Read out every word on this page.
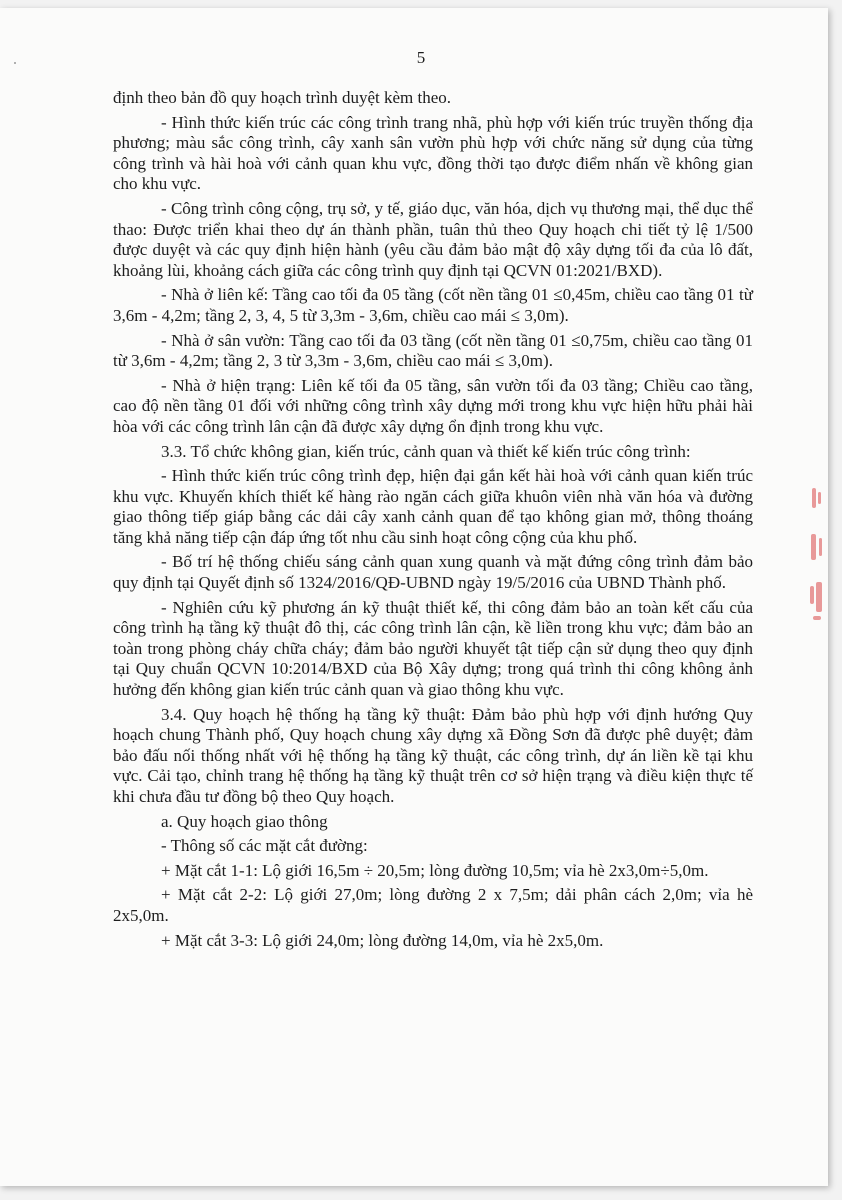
5

định theo bản đồ quy hoạch trình duyệt kèm theo.

- Hình thức kiến trúc các công trình trang nhã, phù hợp với kiến trúc truyền thống địa phương; màu sắc công trình, cây xanh sân vườn phù hợp với chức năng sử dụng của từng công trình và hài hoà với cảnh quan khu vực, đồng thời tạo được điểm nhấn về không gian cho khu vực.

- Công trình công cộng, trụ sở, y tế, giáo dục, văn hóa, dịch vụ thương mại, thể dục thể thao: Được triển khai theo dự án thành phần, tuân thủ theo Quy hoạch chi tiết tỷ lệ 1/500 được duyệt và các quy định hiện hành (yêu cầu đảm bảo mật độ xây dựng tối đa của lô đất, khoảng lùi, khoảng cách giữa các công trình quy định tại QCVN 01:2021/BXD).

- Nhà ở liên kế: Tầng cao tối đa 05 tầng (cốt nền tầng 01 ≤0,45m, chiều cao tầng 01 từ 3,6m - 4,2m; tầng 2, 3, 4, 5 từ 3,3m - 3,6m, chiều cao mái ≤ 3,0m).

- Nhà ở sân vườn: Tầng cao tối đa 03 tầng (cốt nền tầng 01 ≤0,75m, chiều cao tầng 01 từ 3,6m - 4,2m; tầng 2, 3 từ 3,3m - 3,6m, chiều cao mái ≤ 3,0m).

- Nhà ở hiện trạng: Liên kế tối đa 05 tầng, sân vườn tối đa 03 tầng; Chiều cao tầng, cao độ nền tầng 01 đối với những công trình xây dựng mới trong khu vực hiện hữu phải hài hòa với các công trình lân cận đã được xây dựng ổn định trong khu vực.

3.3. Tổ chức không gian, kiến trúc, cảnh quan và thiết kế kiến trúc công trình:

- Hình thức kiến trúc công trình đẹp, hiện đại gắn kết hài hoà với cảnh quan kiến trúc khu vực. Khuyến khích thiết kế hàng rào ngăn cách giữa khuôn viên nhà văn hóa và đường giao thông tiếp giáp bằng các dải cây xanh cảnh quan để tạo không gian mở, thông thoáng tăng khả năng tiếp cận đáp ứng tốt nhu cầu sinh hoạt công cộng của khu phố.

- Bố trí hệ thống chiếu sáng cảnh quan xung quanh và mặt đứng công trình đảm bảo quy định tại Quyết định số 1324/2016/QĐ-UBND ngày 19/5/2016 của UBND Thành phố.

- Nghiên cứu kỹ phương án kỹ thuật thiết kế, thi công đảm bảo an toàn kết cấu của công trình hạ tầng kỹ thuật đô thị, các công trình lân cận, kề liền trong khu vực; đảm bảo an toàn trong phòng cháy chữa cháy; đảm bảo người khuyết tật tiếp cận sử dụng theo quy định tại Quy chuẩn QCVN 10:2014/BXD của Bộ Xây dựng; trong quá trình thi công không ảnh hưởng đến không gian kiến trúc cảnh quan và giao thông khu vực.

3.4. Quy hoạch hệ thống hạ tầng kỹ thuật: Đảm bảo phù hợp với định hướng Quy hoạch chung Thành phố, Quy hoạch chung xây dựng xã Đồng Sơn đã được phê duyệt; đảm bảo đấu nối thống nhất với hệ thống hạ tầng kỹ thuật, các công trình, dự án liền kề tại khu vực. Cải tạo, chỉnh trang hệ thống hạ tầng kỹ thuật trên cơ sở hiện trạng và điều kiện thực tế khi chưa đầu tư đồng bộ theo Quy hoạch.

a. Quy hoạch giao thông

- Thông số các mặt cắt đường:

+ Mặt cắt 1-1: Lộ giới 16,5m ÷ 20,5m; lòng đường 10,5m; vỉa hè 2x3,0m÷5,0m.

+ Mặt cắt 2-2: Lộ giới 27,0m; lòng đường 2 x 7,5m; dải phân cách 2,0m; vỉa hè 2x5,0m.

+ Mặt cắt 3-3: Lộ giới 24,0m; lòng đường 14,0m, vỉa hè 2x5,0m.
